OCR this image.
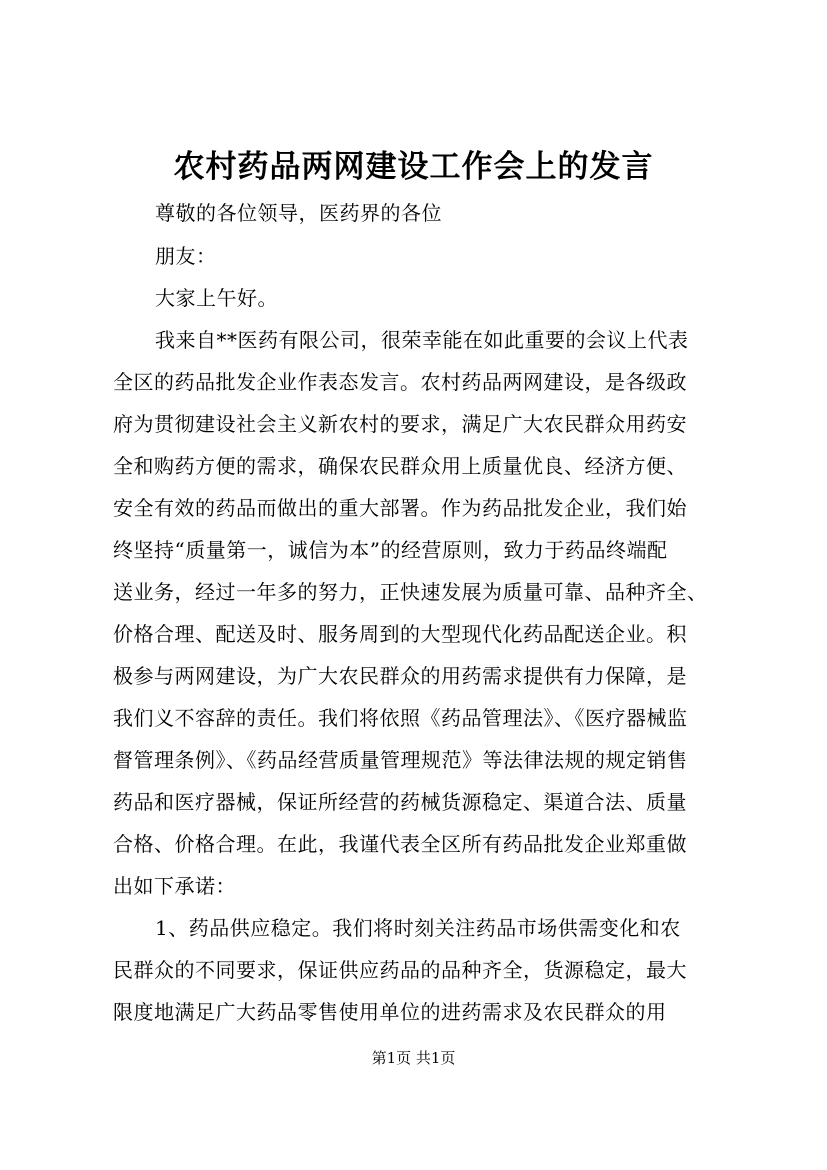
农村药品两网建设工作会上的发言
尊敬的各位领导，医药界的各位
朋友：
大家上午好。
我来自**医药有限公司，很荣幸能在如此重要的会议上代表
全区的药品批发企业作表态发言。农村药品两网建设，是各级政
府为贯彻建设社会主义新农村的要求，满足广大农民群众用药安
全和购药方便的需求，确保农民群众用上质量优良、经济方便、
安全有效的药品而做出的重大部署。作为药品批发企业，我们始
终坚持“质量第一，诚信为本”的经营原则，致力于药品终端配
送业务，经过一年多的努力，正快速发展为质量可靠、品种齐全、
价格合理、配送及时、服务周到的大型现代化药品配送企业。积
极参与两网建设，为广大农民群众的用药需求提供有力保障，是
我们义不容辞的责任。我们将依照《药品管理法》、《医疗器械监
督管理条例》、《药品经营质量管理规范》等法律法规的规定销售
药品和医疗器械，保证所经营的药械货源稳定、渠道合法、质量
合格、价格合理。在此，我谨代表全区所有药品批发企业郑重做
出如下承诺：
1、药品供应稳定。我们将时刻关注药品市场供需变化和农
民群众的不同要求，保证供应药品的品种齐全，货源稳定，最大
限度地满足广大药品零售使用单位的进药需求及农民群众的用
第1页 共1页
